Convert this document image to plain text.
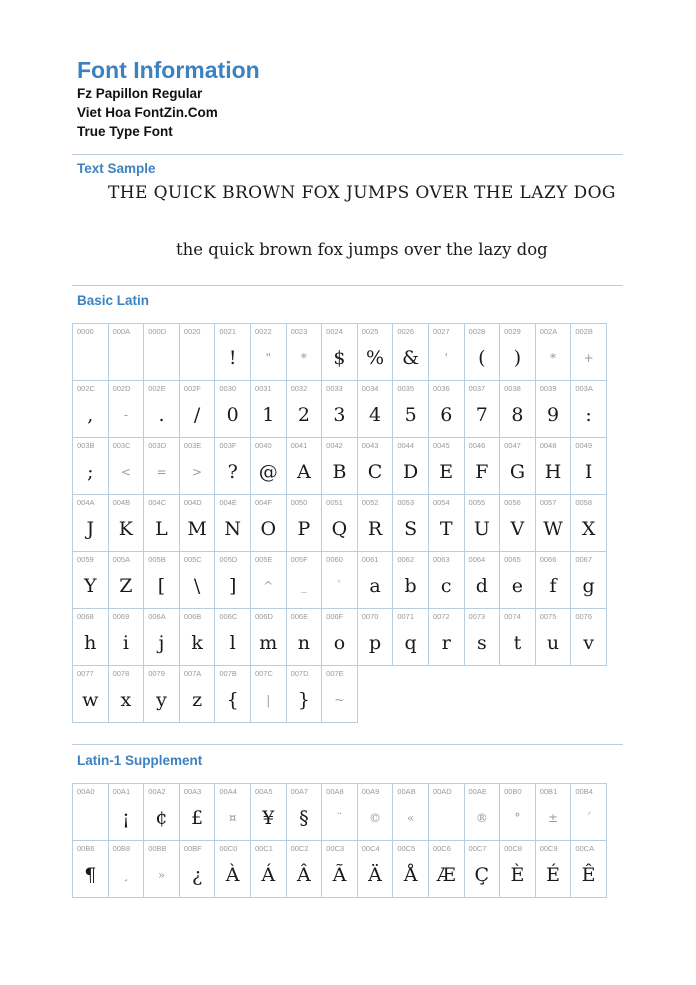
Font Information
Fz Papillon Regular
Viet Hoa FontZin.Com
True Type Font
Text Sample
THE QUICK BROWN FOX JUMPS OVER THE LAZY DOG
the quick brown fox jumps over the lazy dog
Basic Latin
0000	000A 000D 0020	0021
!
0022
"
0023
*
0024
$
0025
%
0026
&
0027
'
0028
(
0029
)
002A
*
002B
+
002C
,
002D
-
002E
.
002F
/
0030
0
0031
1
0032
2
0033
3
0034
4
0035
5
0036
6
0037
7
0038
8
0039
9
003A
:
003B
;
003C
<
003D
=
003E
>
003F
?
0040
@
0041
A
0042
B
0043
C
0044
D
0045
E
0046
F
0047
G
0048
H
0049
I
004A
J
004B
K
004C
L
004D
M
004E
N
004F
O
0050
P
0051
Q
0052
R
0053
S
0054
T
0055
U
0056
V
0057
W
0058
X
0059
Y
005A
Z
005B
[
005C
\
005D
]
005E
^
005F
_
0060
`
0061
a
0062
b
0063
c
0064
d
0065
e
0066
f
0067
g
0068
h
0069
i
006A
j
006B
k
006C
l
006D
m
006E
n
006F
o
0070
p
0071
q
0072
r
0073
s
0074
t
0075
u
0076
v
0077
w
0078
x
0079
y
007A
z
007B
{
007C
|
007D
}
007E
~
Latin-1 Supplement
00A0 00A1
¡
00A2
¢
00A3
£
00A4
¤
00A5
¥
00A7
§
00A8
¨
00A9
©
00AB
«
00AD 00AE
®
00B0
°
00B1
±
00B4
´
00B6
¶
00B8
¸
00BB
»
00BF
¿
00C0
À
00C1
Á
00C2
Â
00C3
Ã
00C4
Ä
00C5
Å
00C6
Æ
00C7
Ç
00C8
È
00C9
É
00CA
Ê
